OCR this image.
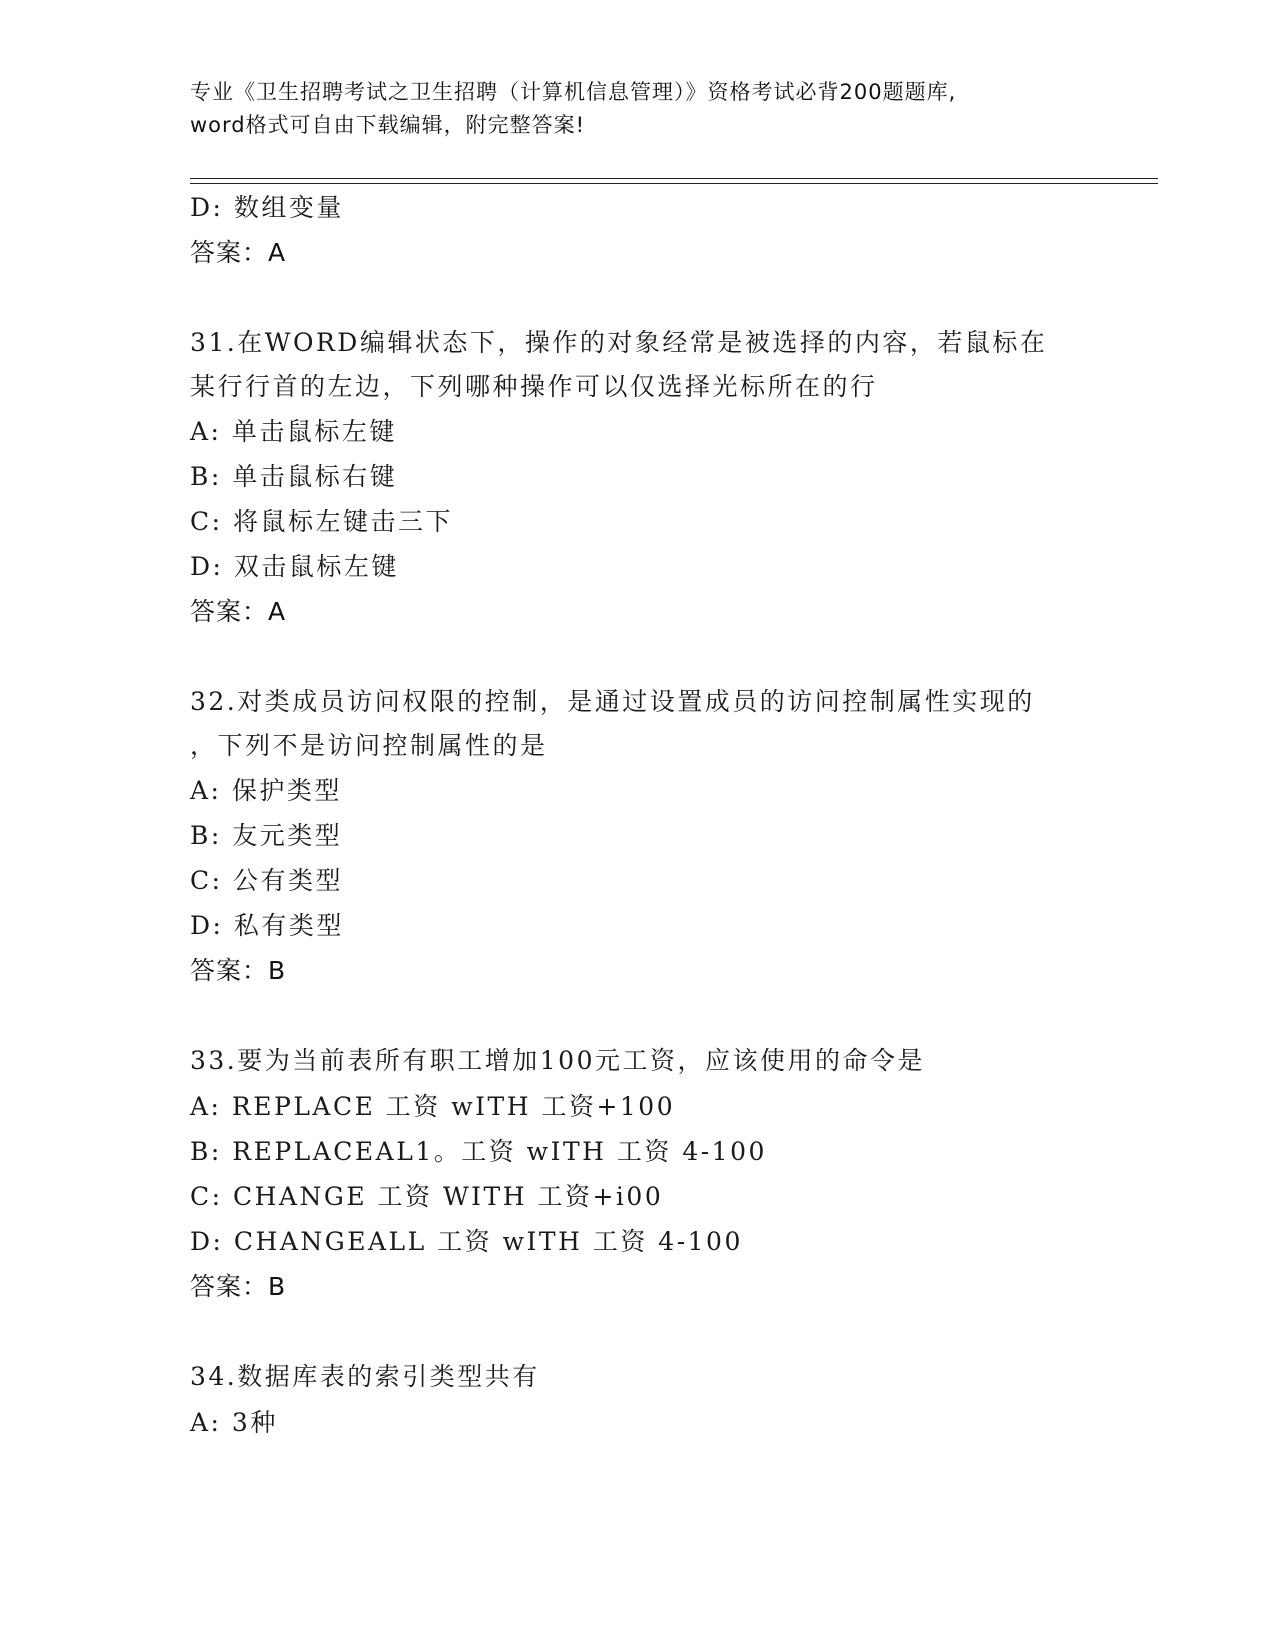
专业《卫生招聘考试之卫生招聘（计算机信息管理）》资格考试必背200题题库,
word格式可自由下载编辑，附完整答案!
D: 数组变量
答案：A
31.在WORD编辑状态下，操作的对象经常是被选择的内容，若鼠标在
某行行首的左边，下列哪种操作可以仅选择光标所在的行
A: 单击鼠标左键
B: 单击鼠标右键
C: 将鼠标左键击三下
D: 双击鼠标左键
答案：A
32.对类成员访问权限的控制，是通过设置成员的访问控制属性实现的
，下列不是访问控制属性的是
A: 保护类型
B: 友元类型
C: 公有类型
D: 私有类型
答案：B
33.要为当前表所有职工增加100元工资，应该使用的命令是
A: REPLACE 工资 wITH 工资+100
B: REPLACEAL1。工资 wITH 工资 4-100
C: CHANGE 工资 WITH 工资+i00
D: CHANGEALL 工资 wITH 工资 4-100
答案：B
34.数据库表的索引类型共有
A: 3种
